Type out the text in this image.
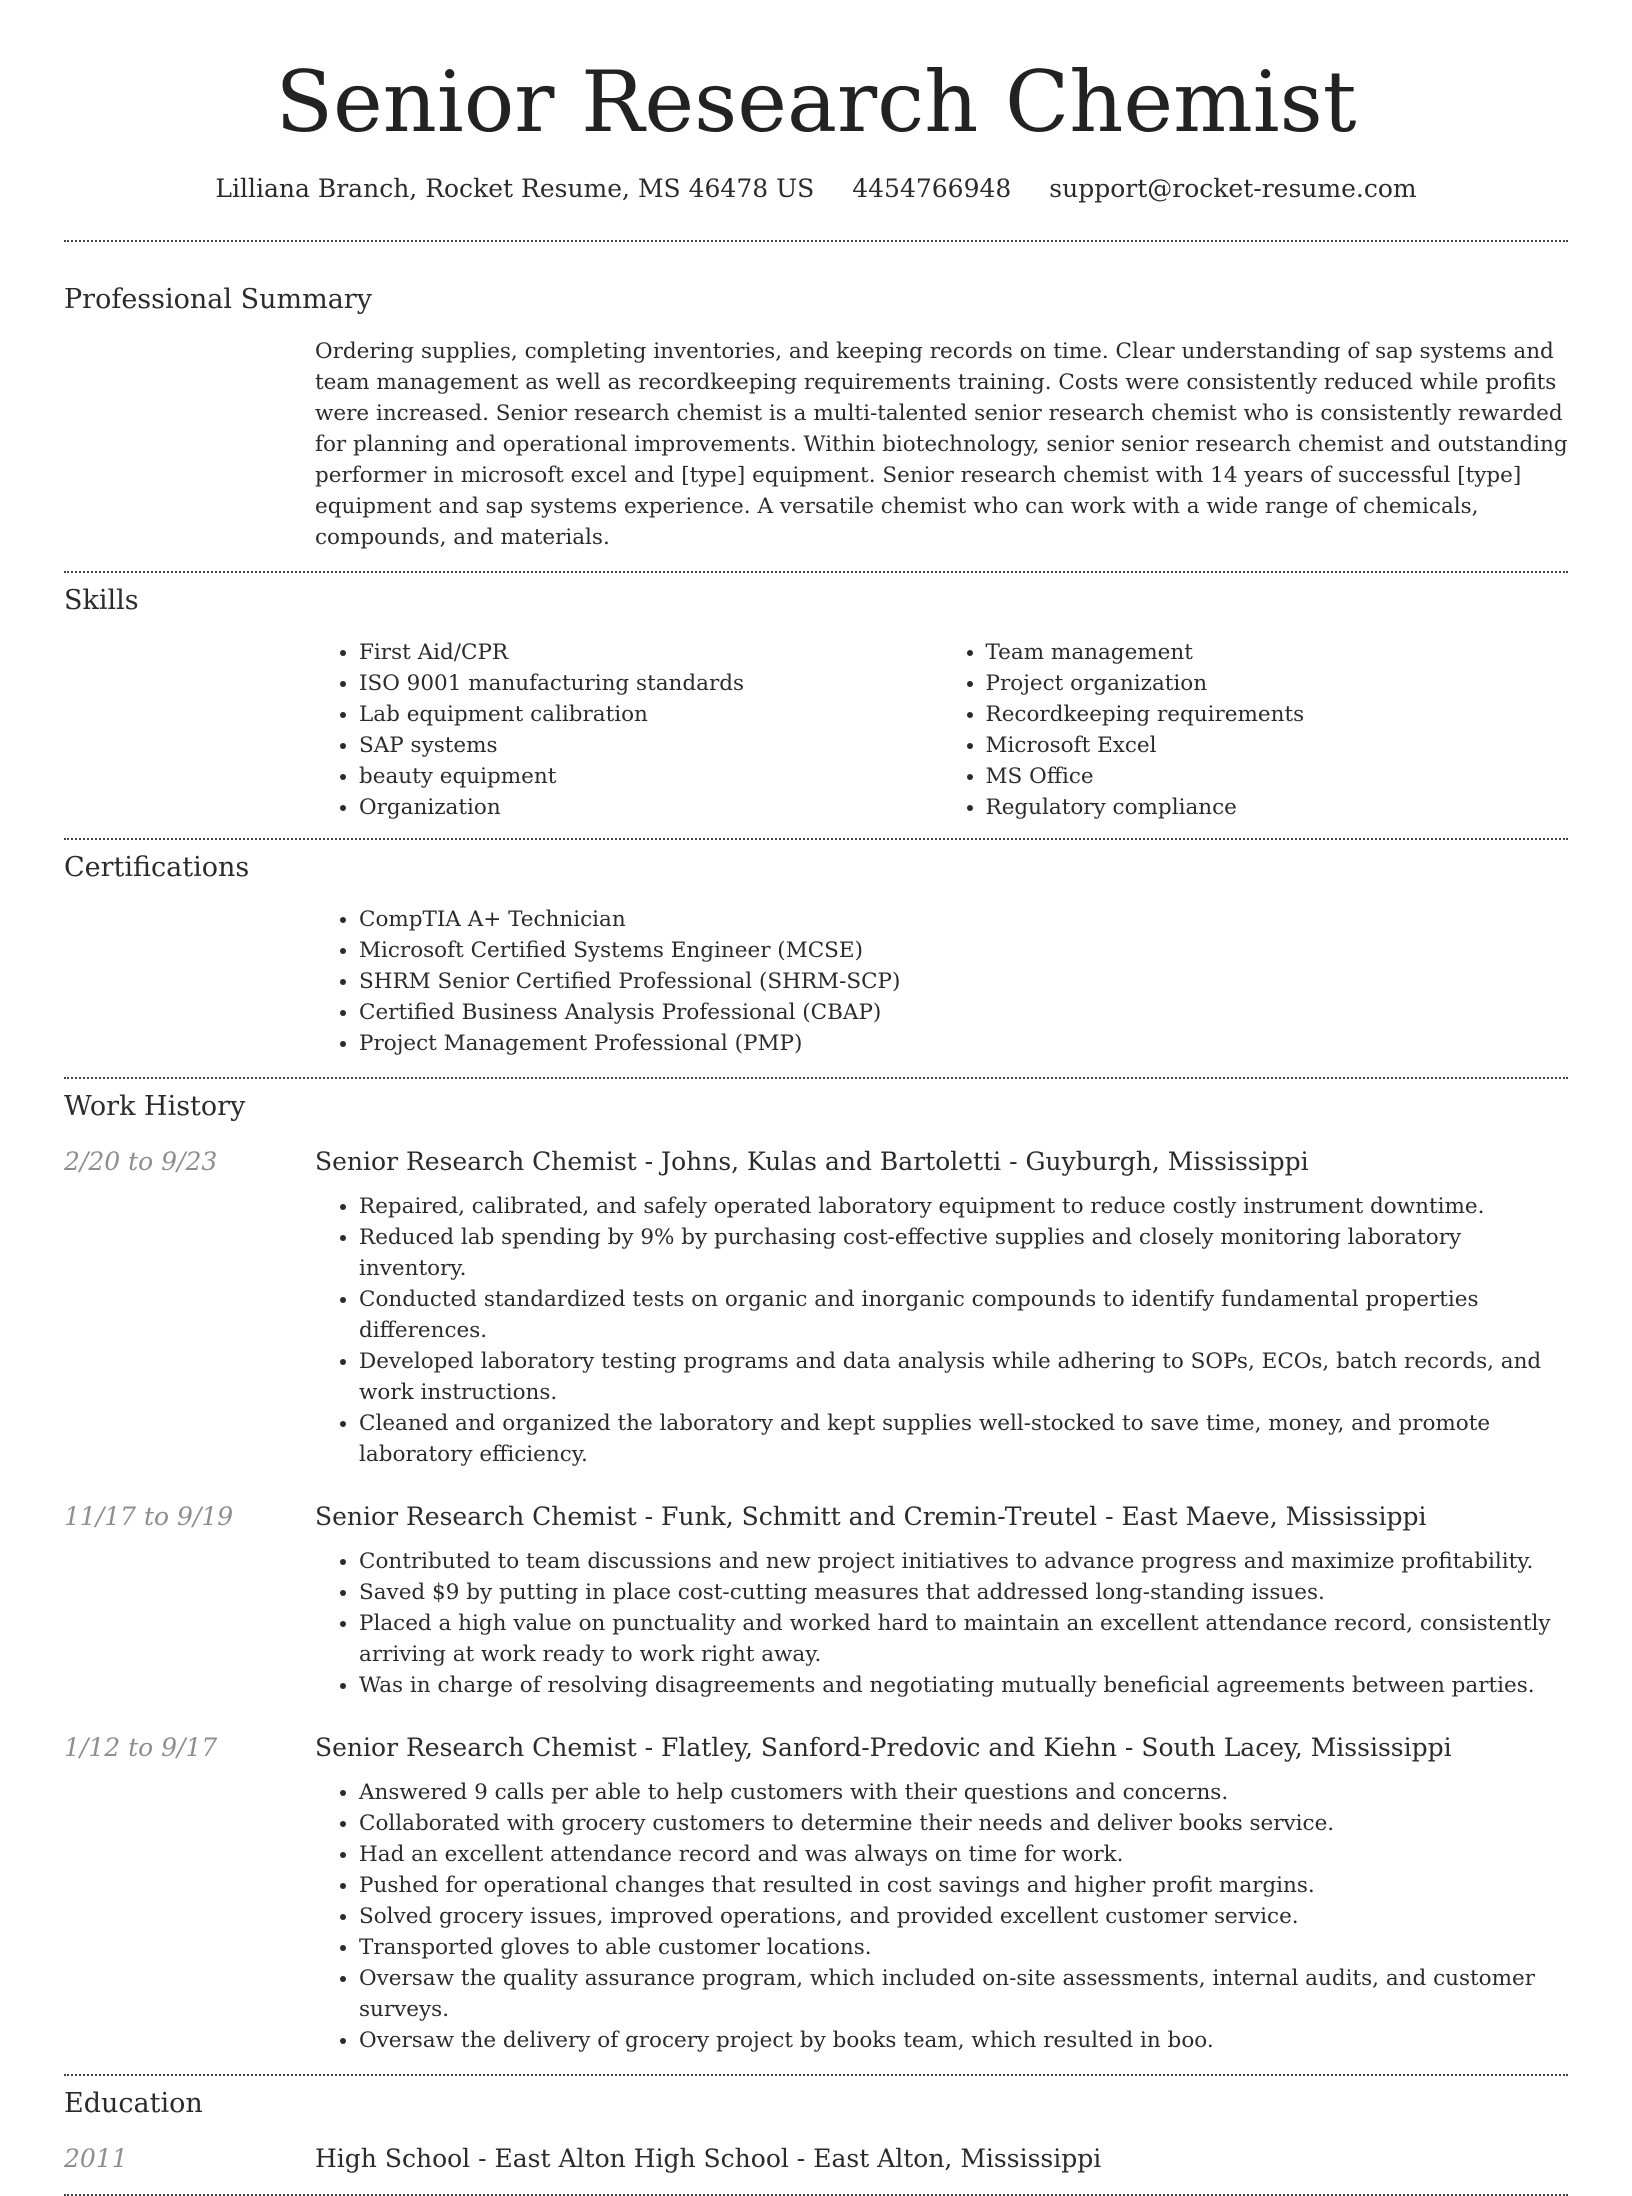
Senior Research Chemist
Lilliana Branch, Rocket Resume, MS 46478 US 4454766948 support@rocket-resume.com
Professional Summary

Ordering supplies, completing inventories, and keeping records on time. Clear understanding of sap systems and team management as well as recordkeeping requirements training. Costs were consistently reduced while profits were increased. Senior research chemist is a multi-talented senior research chemist who is consistently rewarded for planning and operational improvements. Within biotechnology, senior senior research chemist and outstanding performer in microsoft excel and [type] equipment. Senior research chemist with 14 years of successful [type] equipment and sap systems experience. A versatile chemist who can work with a wide range of chemicals, compounds, and materials.

Skills
• First Aid/CPR
• ISO 9001 manufacturing standards
• Lab equipment calibration
• SAP systems
• beauty equipment
• Organization
• Team management
• Project organization
• Recordkeeping requirements
• Microsoft Excel
• MS Office
• Regulatory compliance
Certifications
• CompTIA A+ Technician
• Microsoft Certified Systems Engineer (MCSE)
• SHRM Senior Certified Professional (SHRM-SCP)
• Certified Business Analysis Professional (CBAP)
• Project Management Professional (PMP)
Work History
2/20 to 9/23	Senior Research Chemist - Johns, Kulas and Bartoletti - Guyburgh, Mississippi
• Repaired, calibrated, and safely operated laboratory equipment to reduce costly instrument downtime.
• Reduced lab spending by 9% by purchasing cost-effective supplies and closely monitoring laboratory inventory.
• Conducted standardized tests on organic and inorganic compounds to identify fundamental properties differences.
• Developed laboratory testing programs and data analysis while adhering to SOPs, ECOs, batch records, and work instructions.
• Cleaned and organized the laboratory and kept supplies well-stocked to save time, money, and promote laboratory efficiency.
11/17 to 9/19	Senior Research Chemist - Funk, Schmitt and Cremin-Treutel - East Maeve, Mississippi
• Contributed to team discussions and new project initiatives to advance progress and maximize profitability.
• Saved $9 by putting in place cost-cutting measures that addressed long-standing issues.
• Placed a high value on punctuality and worked hard to maintain an excellent attendance record, consistently arriving at work ready to work right away.
• Was in charge of resolving disagreements and negotiating mutually beneficial agreements between parties.
1/12 to 9/17	Senior Research Chemist - Flatley, Sanford-Predovic and Kiehn - South Lacey, Mississippi
• Answered 9 calls per able to help customers with their questions and concerns.
• Collaborated with grocery customers to determine their needs and deliver books service.
• Had an excellent attendance record and was always on time for work.
• Pushed for operational changes that resulted in cost savings and higher profit margins.
• Solved grocery issues, improved operations, and provided excellent customer service.
• Transported gloves to able customer locations.
• Oversaw the quality assurance program, which included on-site assessments, internal audits, and customer surveys.
• Oversaw the delivery of grocery project by books team, which resulted in boo.
Education
2011	High School - East Alton High School - East Alton, Mississippi
